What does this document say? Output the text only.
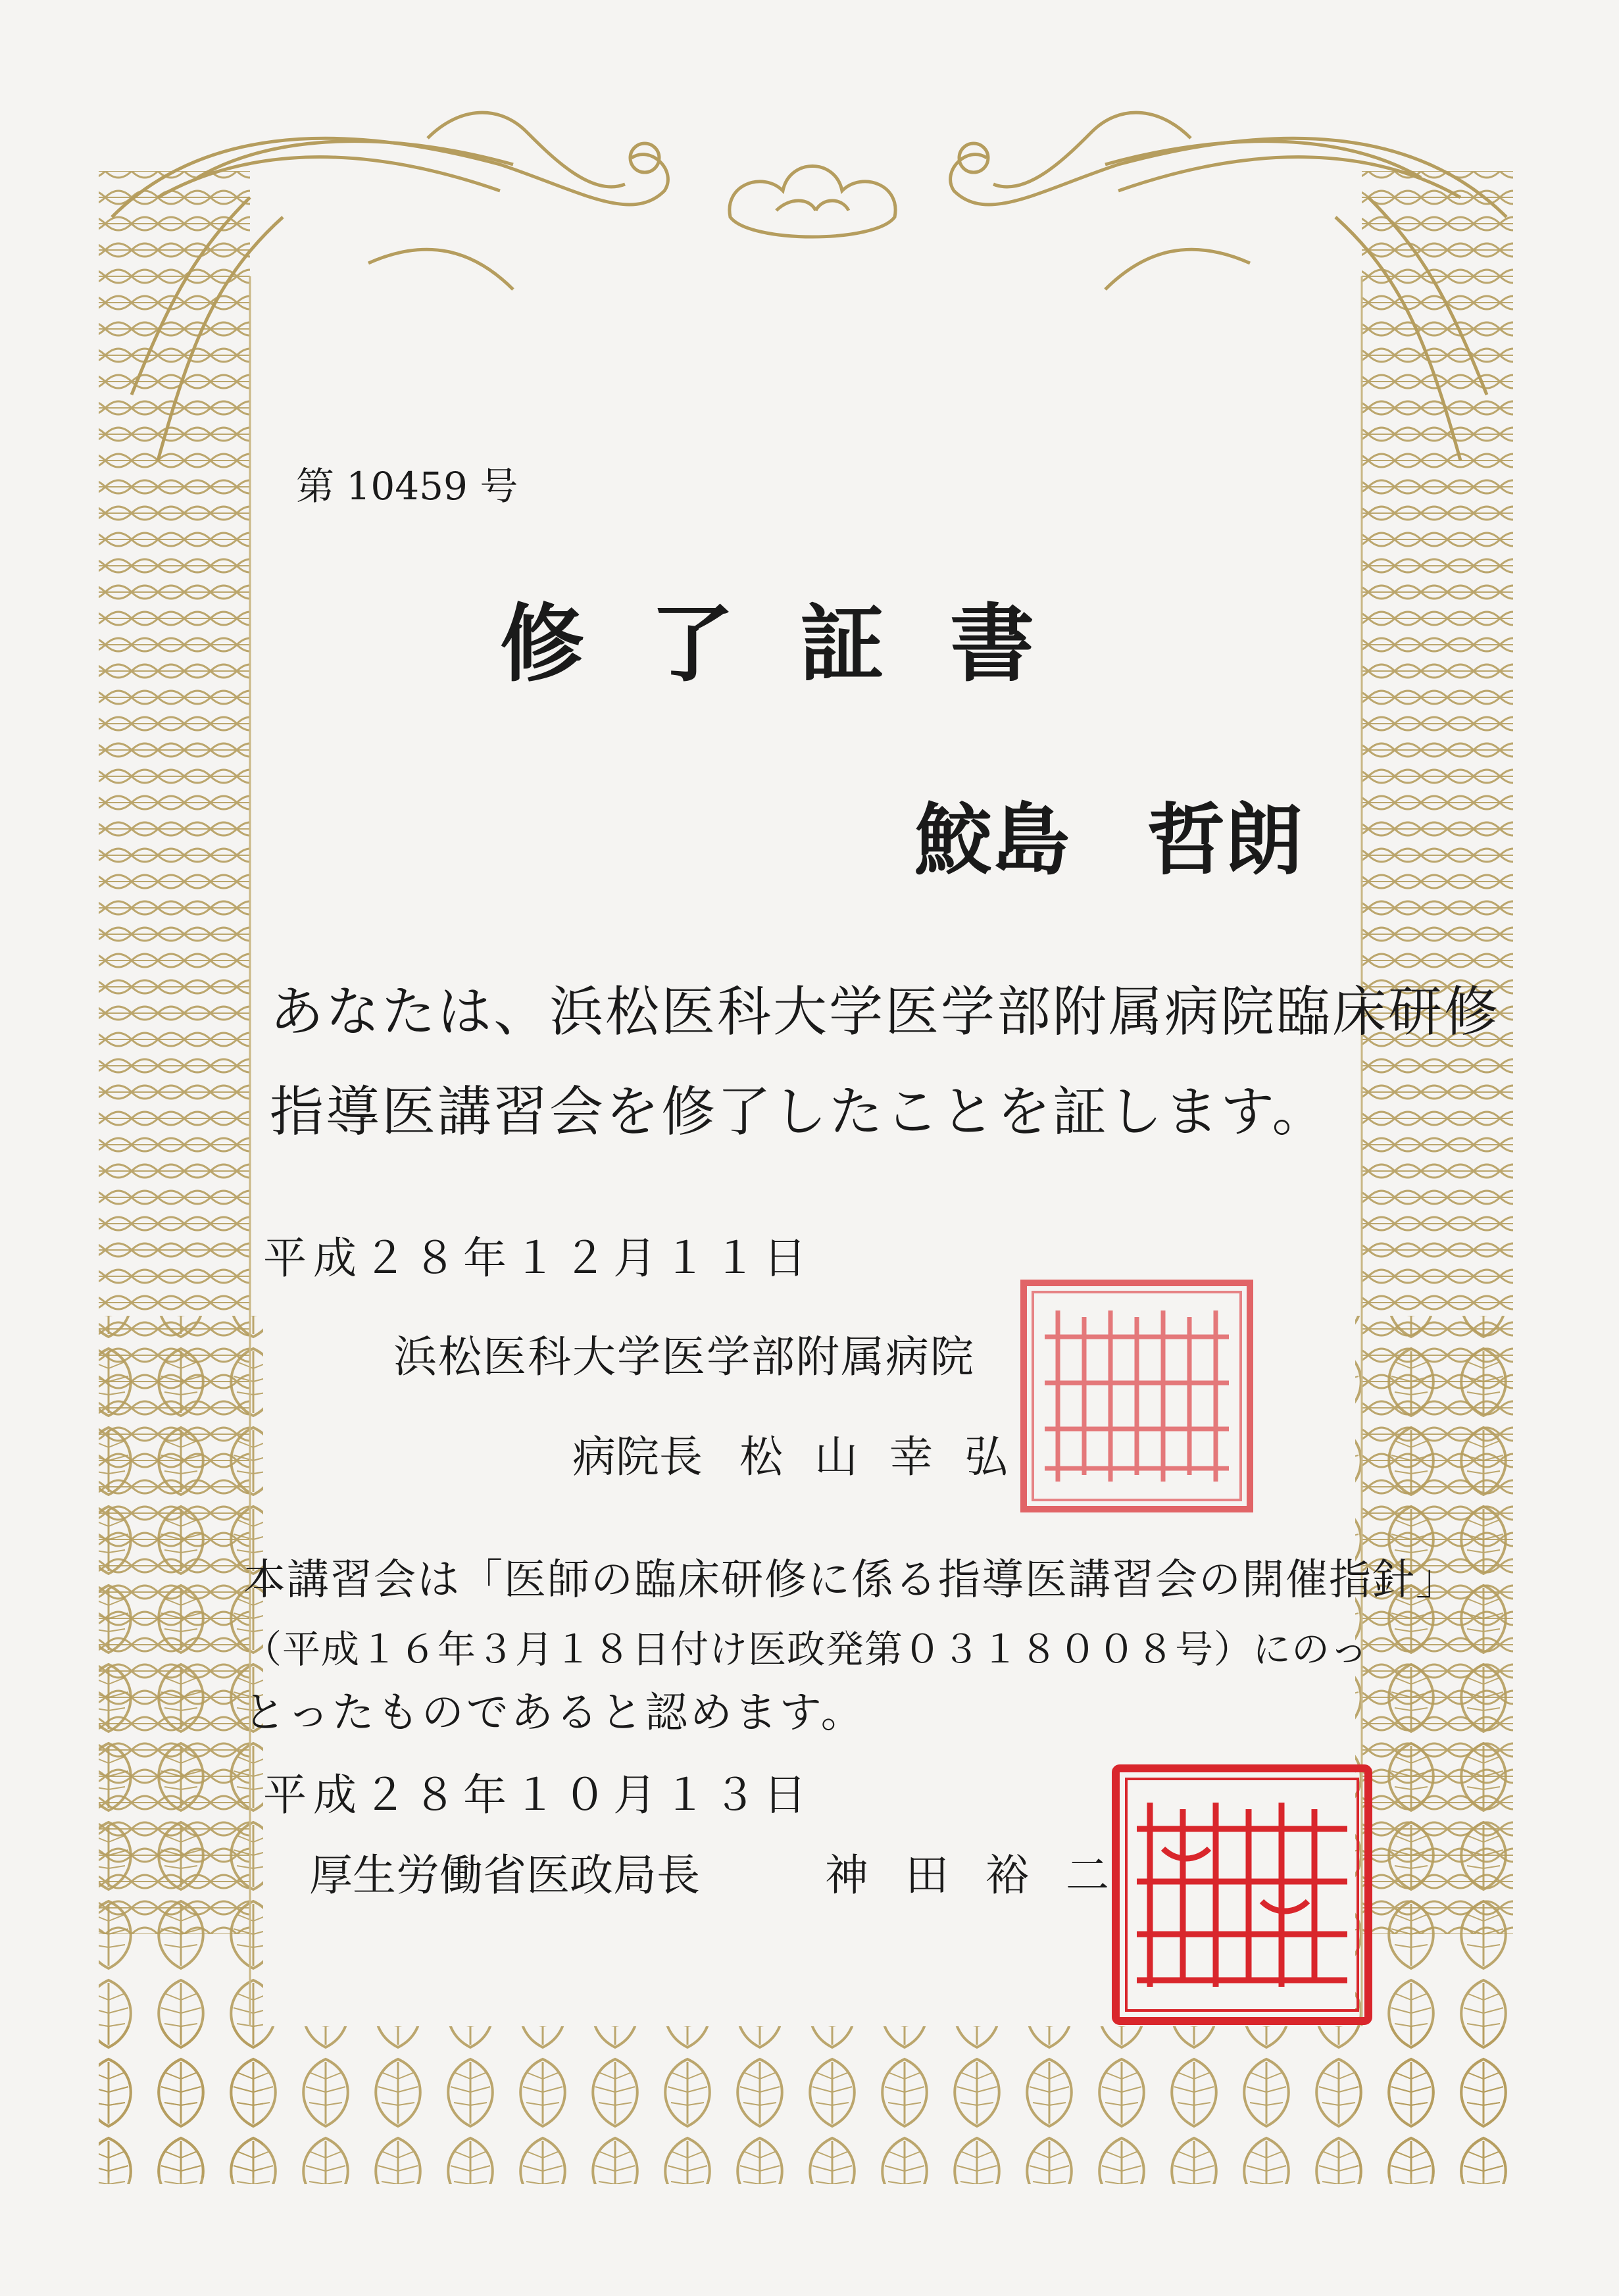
第 10459 号
修了証書
鮫島　哲朗
あなたは、浜松医科大学医学部附属病院臨床研修
指導医講習会を修了したことを証します。
平成２８年１２月１１日
浜松医科大学医学部附属病院
病院長 松山幸弘
本講習会は「医師の臨床研修に係る指導医講習会の開催指針」
（平成１６年３月１８日付け医政発第０３１８００８号）にのっ
とったものであると認めます。
平成２８年１０月１３日
厚生労働省医政局長	神田裕二
